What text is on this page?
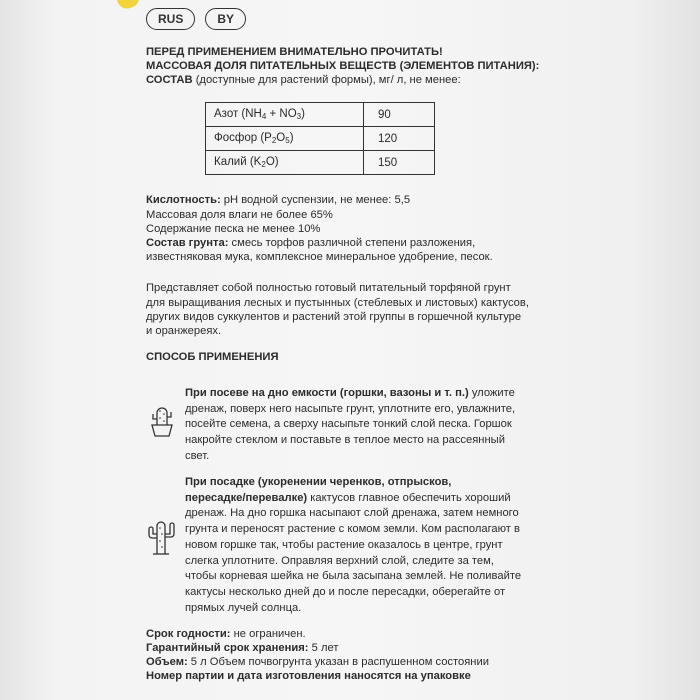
RUS	BY
ПЕРЕД ПРИМЕНЕНИЕМ ВНИМАТЕЛЬНО ПРОЧИТАТЬ!
МАССОВАЯ ДОЛЯ ПИТАТЕЛЬНЫХ ВЕЩЕСТВ (ЭЛЕМЕНТОВ ПИТАНИЯ):
СОСТАВ (доступные для растений формы), мг/ л, не менее:
Азот $(NH_4 + NO_3)$	90
Фосфор $(P_2O_5)$	120
Калий $(K_2O)$	150
Кислотность: рН водной суспензии, не менее: 5,5
Массовая доля влаги не более 65%
Содержание песка не менее 10%
Состав грунта: смесь торфов различной степени разложения,
известняковая мука, комплексное минеральное удобрение, песок.
Представляет собой полностью готовый питательный торфяной грунт
для выращивания лесных и пустынных (стеблевых и листовых) кактусов,
других видов суккулентов и растений этой группы в горшечной культуре
и оранжереях.
СПОСОБ ПРИМЕНЕНИЯ
При посеве на дно емкости (горшки, вазоны и т. п.) уложите
дренаж, поверх него насыпьте грунт, уплотните его, увлажните,
посейте семена, а сверху насыпьте тонкий слой песка. Горшок
накройте стеклом и поставьте в теплое место на рассеянный
свет.
При посадке (укоренении черенков, отпрысков,
пересадке/перевалке) кактусов главное обеспечить хороший
дренаж. На дно горшка насыпают слой дренажа, затем немного
грунта и переносят растение с комом земли. Ком располагают в
новом горшке так, чтобы растение оказалось в центре, грунт
слегка уплотните. Оправляя верхний слой, следите за тем,
чтобы корневая шейка не была засыпана землей. Не поливайте
кактусы несколько дней до и после пересадки, оберегайте от
прямых лучей солнца.
Срок годности: не ограничен.
Гарантийный срок хранения: 5 лет
Объем: 5 л Объем почвогрунта указан в распушенном состоянии
Номер партии и дата изготовления наносятся на упаковке
